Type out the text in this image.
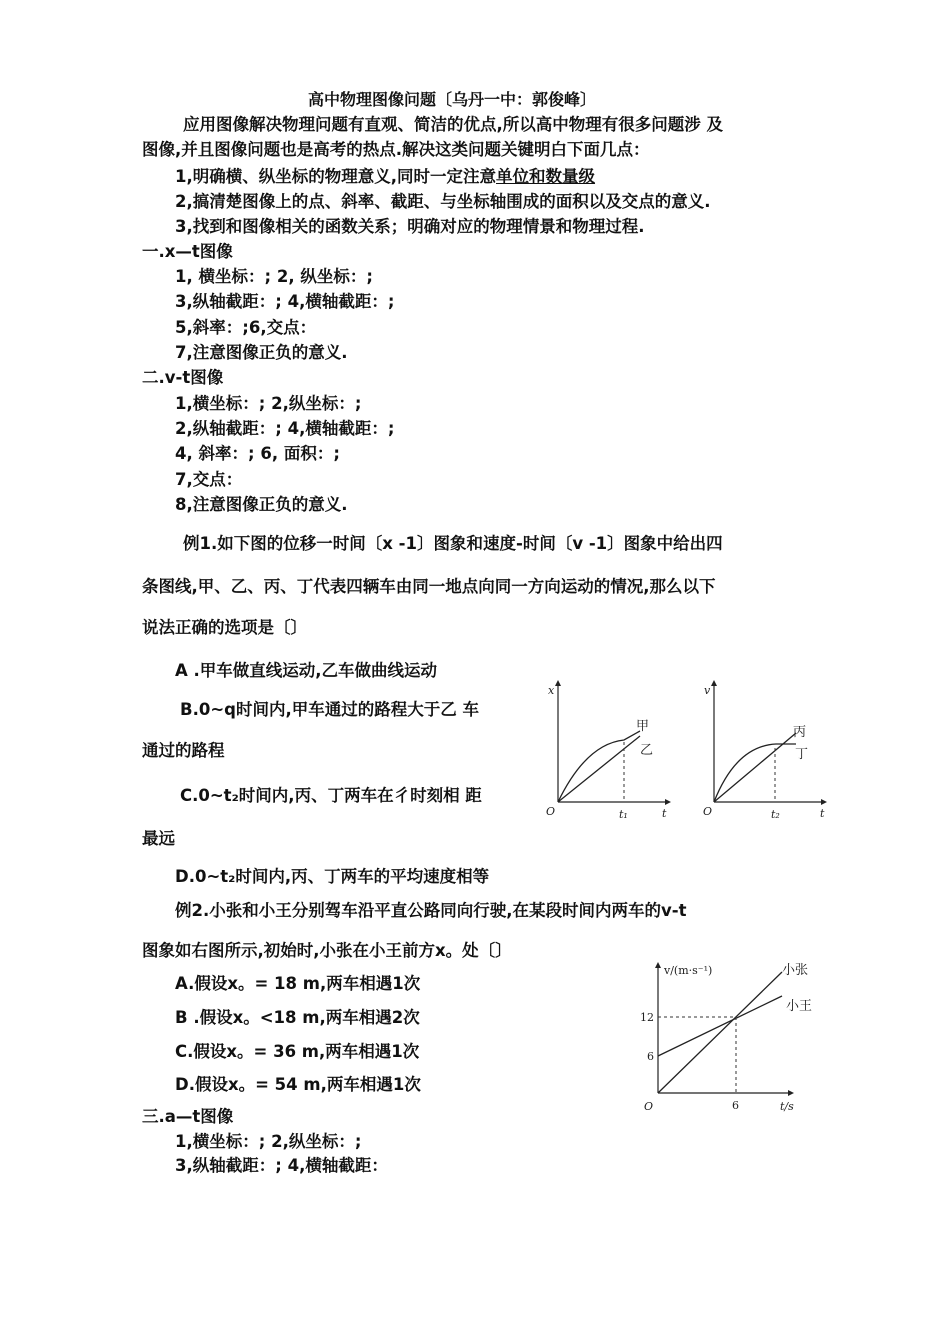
高中物理图像问题〔乌丹一中：郭俊峰〕
应用图像解决物理问题有直观、简洁的优点,所以高中物理有很多问题涉 及
图像,并且图像问题也是高考的热点.解决这类问题关键明白下面几点：
1,明确横、纵坐标的物理意义,同时一定注意单位和数量级
2,搞清楚图像上的点、斜率、截距、与坐标轴围成的面积以及交点的意义.
3,找到和图像相关的函数关系；明确对应的物理情景和物理过程.
一.x—t图像
1, 横坐标：; 2, 纵坐标：;
3,纵轴截距：; 4,横轴截距：;
5,斜率：;6,交点：
7,注意图像正负的意义.
二.v-t图像
1,横坐标：; 2,纵坐标：;
2,纵轴截距：; 4,横轴截距：;
4, 斜率：; 6, 面积：;
7,交点：
8,注意图像正负的意义.
例1.如下图的位移一时间〔x -1〕图象和速度-时间〔v -1〕图象中给出四
条图线,甲、乙、丙、丁代表四辆车由同一地点向同一方向运动的情况,那么以下
说法正确的选项是〔〕
A .甲车做直线运动,乙车做曲线运动
B.0~q时间内,甲车通过的路程大于乙 车
通过的路程
C.0~t₂时间内,丙、丁两车在彳时刻相 距
最远
D.0~t₂时间内,丙、丁两车的平均速度相等
x
t
O	t₁
甲
乙
v
t
O	t₂
丙
丁
例2.小张和小王分别驾车沿平直公路同向行驶,在某段时间内两车的v-t
图象如右图所示,初始时,小张在小王前方x。处〔〕
A.假设x。= 18 m,两车相遇1次
B .假设x。<18 m,两车相遇2次
C.假设x。= 36 m,两车相遇1次
D.假设x。= 54 m,两车相遇1次
v/(m·s⁻¹)
t/s
O
12
6
6
小张
小王
三.a—t图像
1,横坐标：; 2,纵坐标：;
3,纵轴截距：; 4,横轴截距：
